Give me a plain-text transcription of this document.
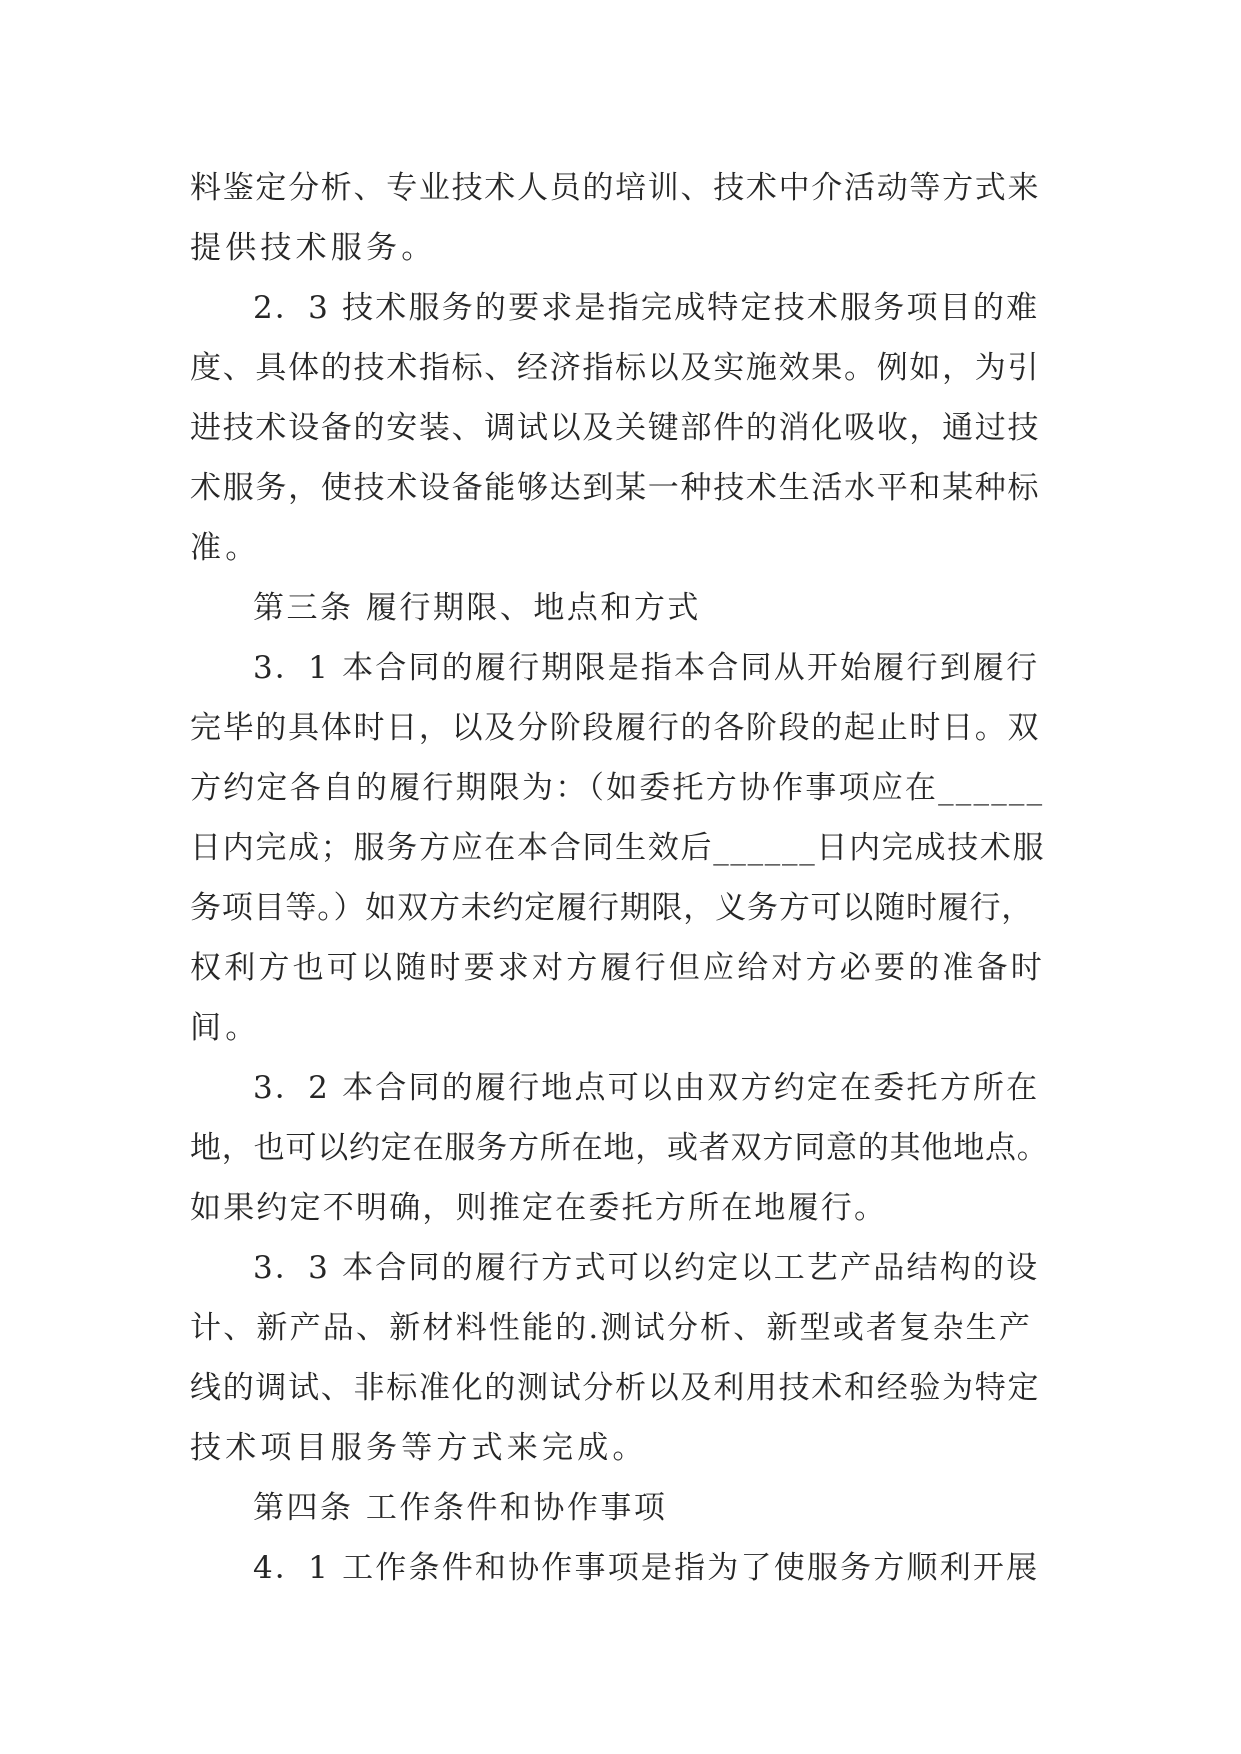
料鉴定分析、专业技术人员的培训、技术中介活动等方式来
提供技术服务。
2．3 技术服务的要求是指完成特定技术服务项目的难
度、具体的技术指标、经济指标以及实施效果。例如，为引
进技术设备的安装、调试以及关键部件的消化吸收，通过技
术服务，使技术设备能够达到某一种技术生活水平和某种标
准。
第三条 履行期限、地点和方式
3．1 本合同的履行期限是指本合同从开始履行到履行
完毕的具体时日，以及分阶段履行的各阶段的起止时日。双
方约定各自的履行期限为：（如委托方协作事项应在______
日内完成；服务方应在本合同生效后______日内完成技术服
务项目等。）如双方未约定履行期限，义务方可以随时履行，
权利方也可以随时要求对方履行但应给对方必要的准备时
间。
3．2 本合同的履行地点可以由双方约定在委托方所在
地，也可以约定在服务方所在地，或者双方同意的其他地点。
如果约定不明确，则推定在委托方所在地履行。
3．3 本合同的履行方式可以约定以工艺产品结构的设
计、新产品、新材料性能的.测试分析、新型或者复杂生产
线的调试、非标准化的测试分析以及利用技术和经验为特定
技术项目服务等方式来完成。
第四条 工作条件和协作事项
4．1 工作条件和协作事项是指为了使服务方顺利开展
